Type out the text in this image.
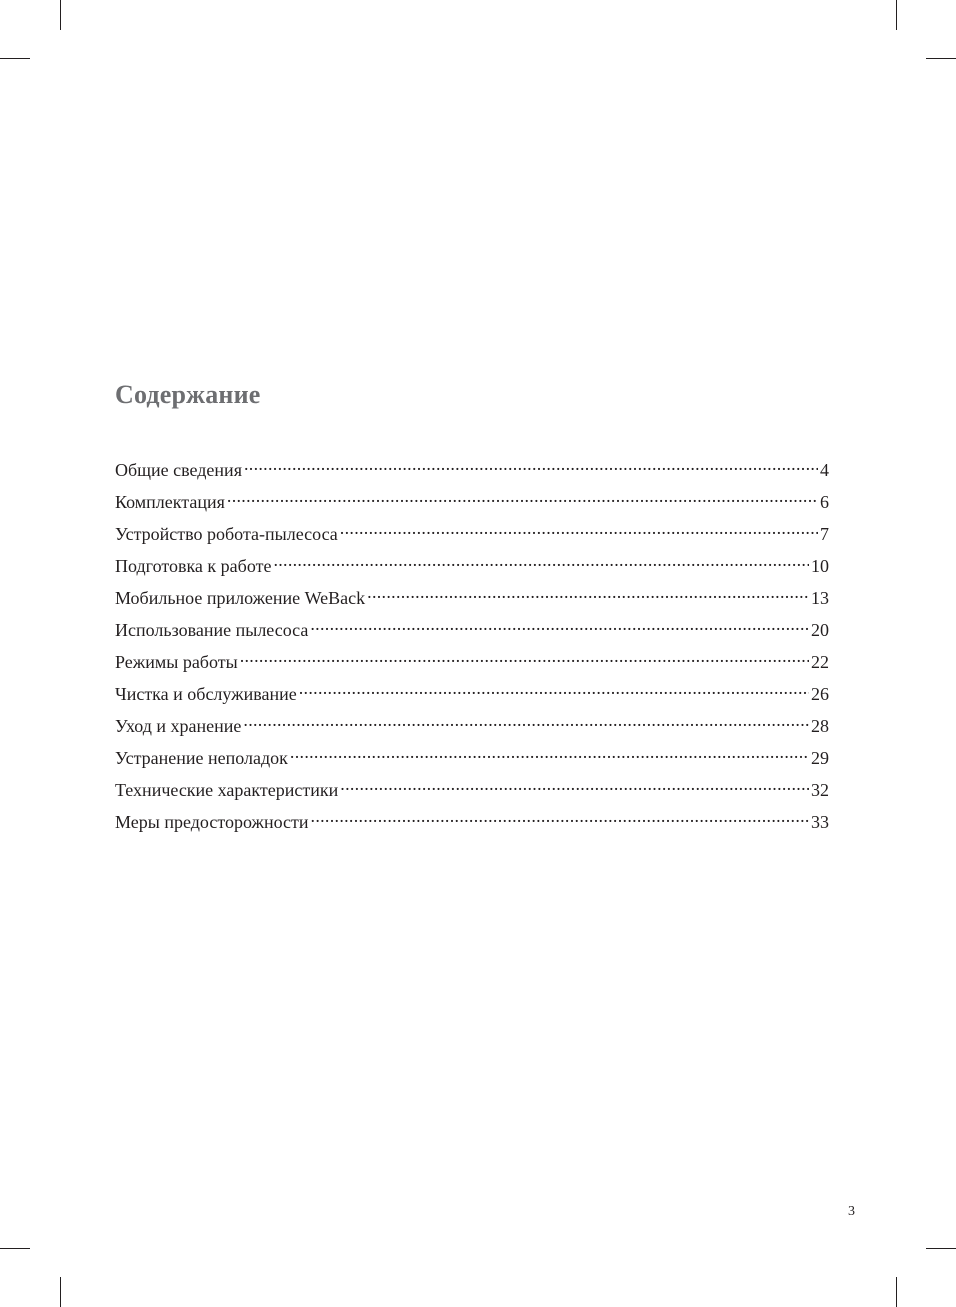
Содержание
Общие сведения .....	4
Комплектация .....	6
Устройство робота-пылесоса .....	7
Подготовка к работе .....	10
Мобильное приложение WeBack .....	13
Использование пылесоса .....	20
Режимы работы .....	22
Чистка и обслуживание .....	26
Уход и хранение .....	28
Устранение неполадок .....	29
Технические характеристики .....	32
Меры предосторожности .....	33
3
